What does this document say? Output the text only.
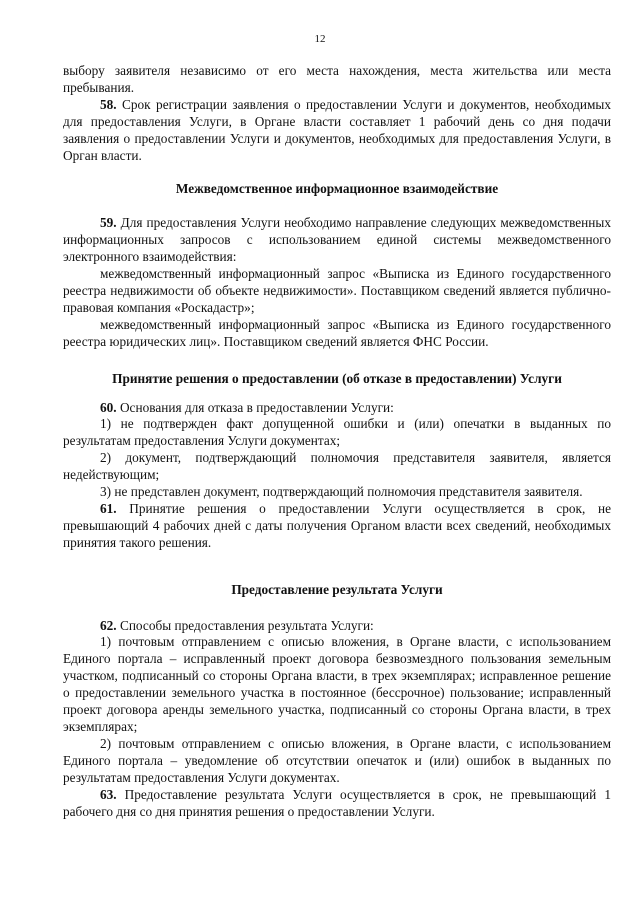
12

выбору заявителя независимо от его места нахождения, места жительства или места пребывания.

58. Срок регистрации заявления о предоставлении Услуги и документов, необходимых для предоставления Услуги, в Органе власти составляет 1 рабочий день со дня подачи заявления о предоставлении Услуги и документов, необходимых для предоставления Услуги, в Орган власти.

Межведомственное информационное взаимодействие

59. Для предоставления Услуги необходимо направление следующих межведомственных информационных запросов с использованием единой системы межведомственного электронного взаимодействия:

межведомственный информационный запрос «Выписка из Единого государственного реестра недвижимости об объекте недвижимости». Поставщиком сведений является публично-правовая компания «Роскадастр»;

межведомственный информационный запрос «Выписка из Единого государственного реестра юридических лиц». Поставщиком сведений является ФНС России.

Принятие решения о предоставлении (об отказе в предоставлении) Услуги

60. Основания для отказа в предоставлении Услуги:

1) не подтвержден факт допущенной ошибки и (или) опечатки в выданных по результатам предоставления Услуги документах;

2) документ, подтверждающий полномочия представителя заявителя, является недействующим;

3) не представлен документ, подтверждающий полномочия представителя заявителя.

61. Принятие решения о предоставлении Услуги осуществляется в срок, не превышающий 4 рабочих дней с даты получения Органом власти всех сведений, необходимых принятия такого решения.

Предоставление результата Услуги

62. Способы предоставления результата Услуги:

1) почтовым отправлением с описью вложения, в Органе власти, с использованием Единого портала – исправленный проект договора безвозмездного пользования земельным участком, подписанный со стороны Органа власти, в трех экземплярах; исправленное решение о предоставлении земельного участка в постоянное (бессрочное) пользование; исправленный проект договора аренды земельного участка, подписанный со стороны Органа власти, в трех экземплярах;

2) почтовым отправлением с описью вложения, в Органе власти, с использованием Единого портала – уведомление об отсутствии опечаток и (или) ошибок в выданных по результатам предоставления Услуги документах.

63. Предоставление результата Услуги осуществляется в срок, не превышающий 1 рабочего дня со дня принятия решения о предоставлении Услуги.
